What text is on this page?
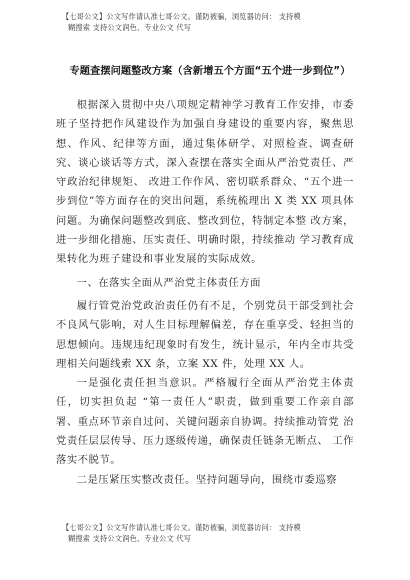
【七哥公文】公文写作请认准七哥公文。谨防被骗，浏览器访问： 支持模
糊搜索 支持公文润色、专业公文 代写
专题查摆问题整改方案（含新增五个方面“五个进一步到位”）

根据深入贯彻中央八项规定精神学习教育工作安排，市委班子坚持把作风建设作为加强自身建设的重要内容，聚焦思想、作风、纪律等方面，通过集体研学、对照检查、调查研究、谈心谈话等方式，深入查摆在落实全面从严治党责任、严守政治纪律规矩、 改进工作作风、密切联系群众、“五个进一步到位”等方面存在的突出问题，系统梳理出 X 类 XX 项具体问题。为确保问题整改到底、整改到位，特制定本整 改方案，进一步细化措施、压实责任、明确时限，持续推动 学习教育成果转化为班子建设和事业发展的实际成效。

一、在落实全面从严治党主体责任方面

履行管党治党政治责任仍有不足，个别党员干部受到社会不良风气影响，对人生目标理解偏差，存在重享受、轻担当的思想倾向。违规违纪现象时有发生，统计显示，年内全市共受理相关问题线索 XX 条，立案 XX 件，处理 XX 人。

一是强化责任担当意识。严格履行全面从严治党主体责任，切实担负起 “第一责任人”职责，做到重要工作亲自部 署、重点环节亲自过问、关键问题亲自协调。持续推动管党 治党责任层层传导、压力逐级传递，确保责任链条无断点、 工作落实不脱节。

二是压紧压实整改责任。坚持问题导向，围绕市委巡察

【七哥公文】公文写作请认准七哥公文。谨防被骗，浏览器访问： 支持模
糊搜索 支持公文润色、专业公文 代写
